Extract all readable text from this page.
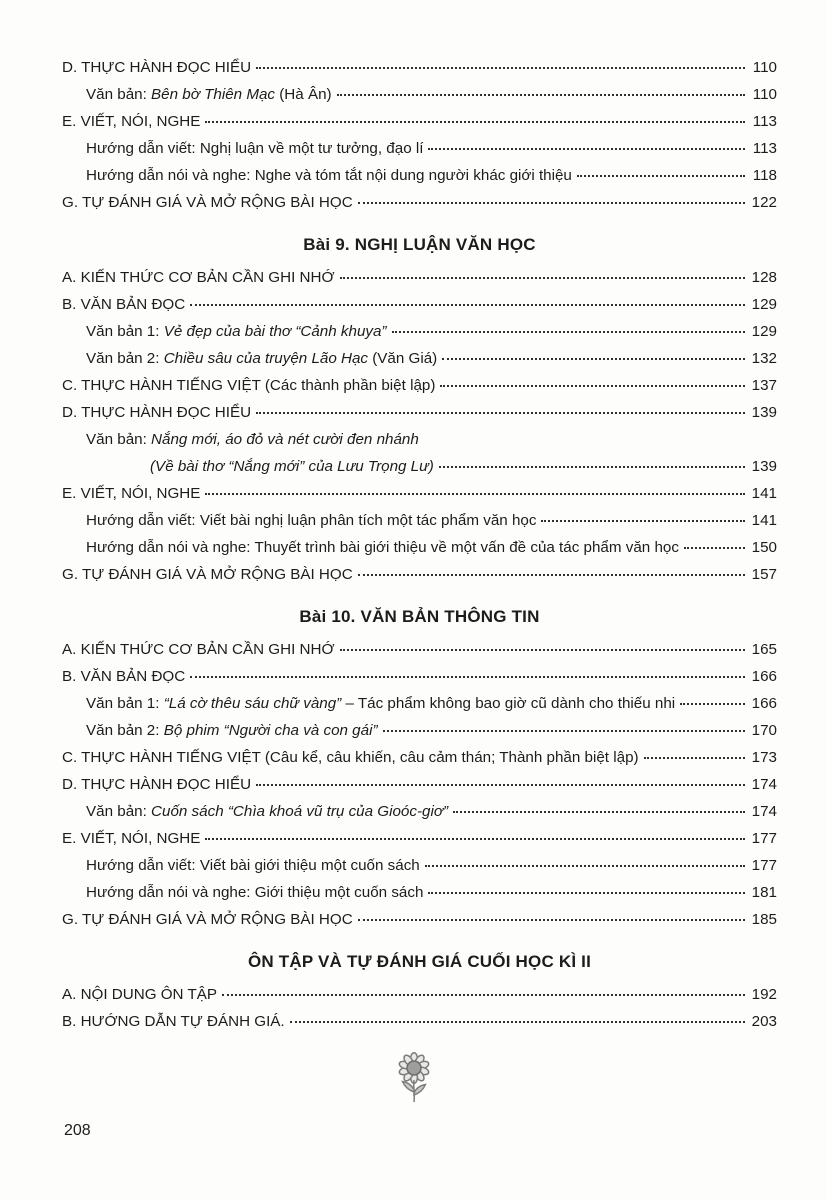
D. THỰC HÀNH ĐỌC HIỂU	110
Văn bản: Bên bờ Thiên Mạc (Hà Ân)	110
E. VIẾT, NÓI, NGHE	113
Hướng dẫn viết: Nghị luận về một tư tưởng, đạo lí	113
Hướng dẫn nói và nghe: Nghe và tóm tắt nội dung người khác giới thiệu	118
G. TỰ ĐÁNH GIÁ VÀ MỞ RỘNG BÀI HỌC	122
Bài 9. NGHỊ LUẬN VĂN HỌC
A. KIẾN THỨC CƠ BẢN CẦN GHI NHỚ	128
B. VĂN BẢN ĐỌC	129
Văn bản 1: Vẻ đẹp của bài thơ “Cảnh khuya”	129
Văn bản 2: Chiều sâu của truyện Lão Hạc (Văn Giá)	132
C. THỰC HÀNH TIẾNG VIỆT (Các thành phần biệt lập)	137
D. THỰC HÀNH ĐỌC HIỂU	139
Văn bản: Nắng mới, áo đỏ và nét cười đen nhánh
(Về bài thơ “Nắng mới” của Lưu Trọng Lư)	139
E. VIẾT, NÓI, NGHE	141
Hướng dẫn viết: Viết bài nghị luận phân tích một tác phẩm văn học	141
Hướng dẫn nói và nghe: Thuyết trình bài giới thiệu về một vấn đề của tác phẩm văn học	150
G. TỰ ĐÁNH GIÁ VÀ MỞ RỘNG BÀI HỌC	157
Bài 10. VĂN BẢN THÔNG TIN
A. KIẾN THỨC CƠ BẢN CẦN GHI NHỚ	165
B. VĂN BẢN ĐỌC	166
Văn bản 1: “Lá cờ thêu sáu chữ vàng” – Tác phẩm không bao giờ cũ dành cho thiếu nhi	166
Văn bản 2: Bộ phim “Người cha và con gái”	170
C. THỰC HÀNH TIẾNG VIỆT (Câu kể, câu khiến, câu cảm thán; Thành phần biệt lập)	173
D. THỰC HÀNH ĐỌC HIỂU	174
Văn bản: Cuốn sách “Chìa khoá vũ trụ của Gioóc-giơ”	174
E. VIẾT, NÓI, NGHE	177
Hướng dẫn viết: Viết bài giới thiệu một cuốn sách	177
Hướng dẫn nói và nghe: Giới thiệu một cuốn sách	181
G. TỰ ĐÁNH GIÁ VÀ MỞ RỘNG BÀI HỌC	185
ÔN TẬP VÀ TỰ ĐÁNH GIÁ CUỐI HỌC KÌ II
A. NỘI DUNG ÔN TẬP	192
B. HƯỚNG DẪN TỰ ĐÁNH GIÁ.	203
208
